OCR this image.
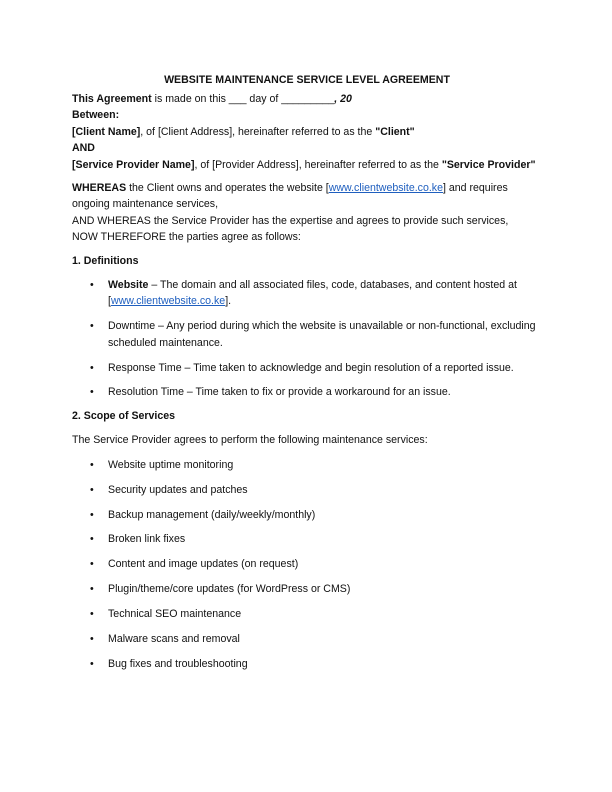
WEBSITE MAINTENANCE SERVICE LEVEL AGREEMENT

This Agreement is made on this ___ day of _________, 20

Between:

[Client Name], of [Client Address], hereinafter referred to as the "Client"

AND

[Service Provider Name], of [Provider Address], hereinafter referred to as the "Service Provider"

WHEREAS the Client owns and operates the website [www.clientwebsite.co.ke] and requires ongoing maintenance services,

AND WHEREAS the Service Provider has the expertise and agrees to provide such services,

NOW THEREFORE the parties agree as follows:

1. Definitions

• Website – The domain and all associated files, code, databases, and content hosted at [www.clientwebsite.co.ke].
• Downtime – Any period during which the website is unavailable or non-functional, excluding scheduled maintenance.
• Response Time – Time taken to acknowledge and begin resolution of a reported issue.
• Resolution Time – Time taken to fix or provide a workaround for an issue.

2. Scope of Services

The Service Provider agrees to perform the following maintenance services:

• Website uptime monitoring
• Security updates and patches
• Backup management (daily/weekly/monthly)
• Broken link fixes
• Content and image updates (on request)
• Plugin/theme/core updates (for WordPress or CMS)
• Technical SEO maintenance
• Malware scans and removal
• Bug fixes and troubleshooting
